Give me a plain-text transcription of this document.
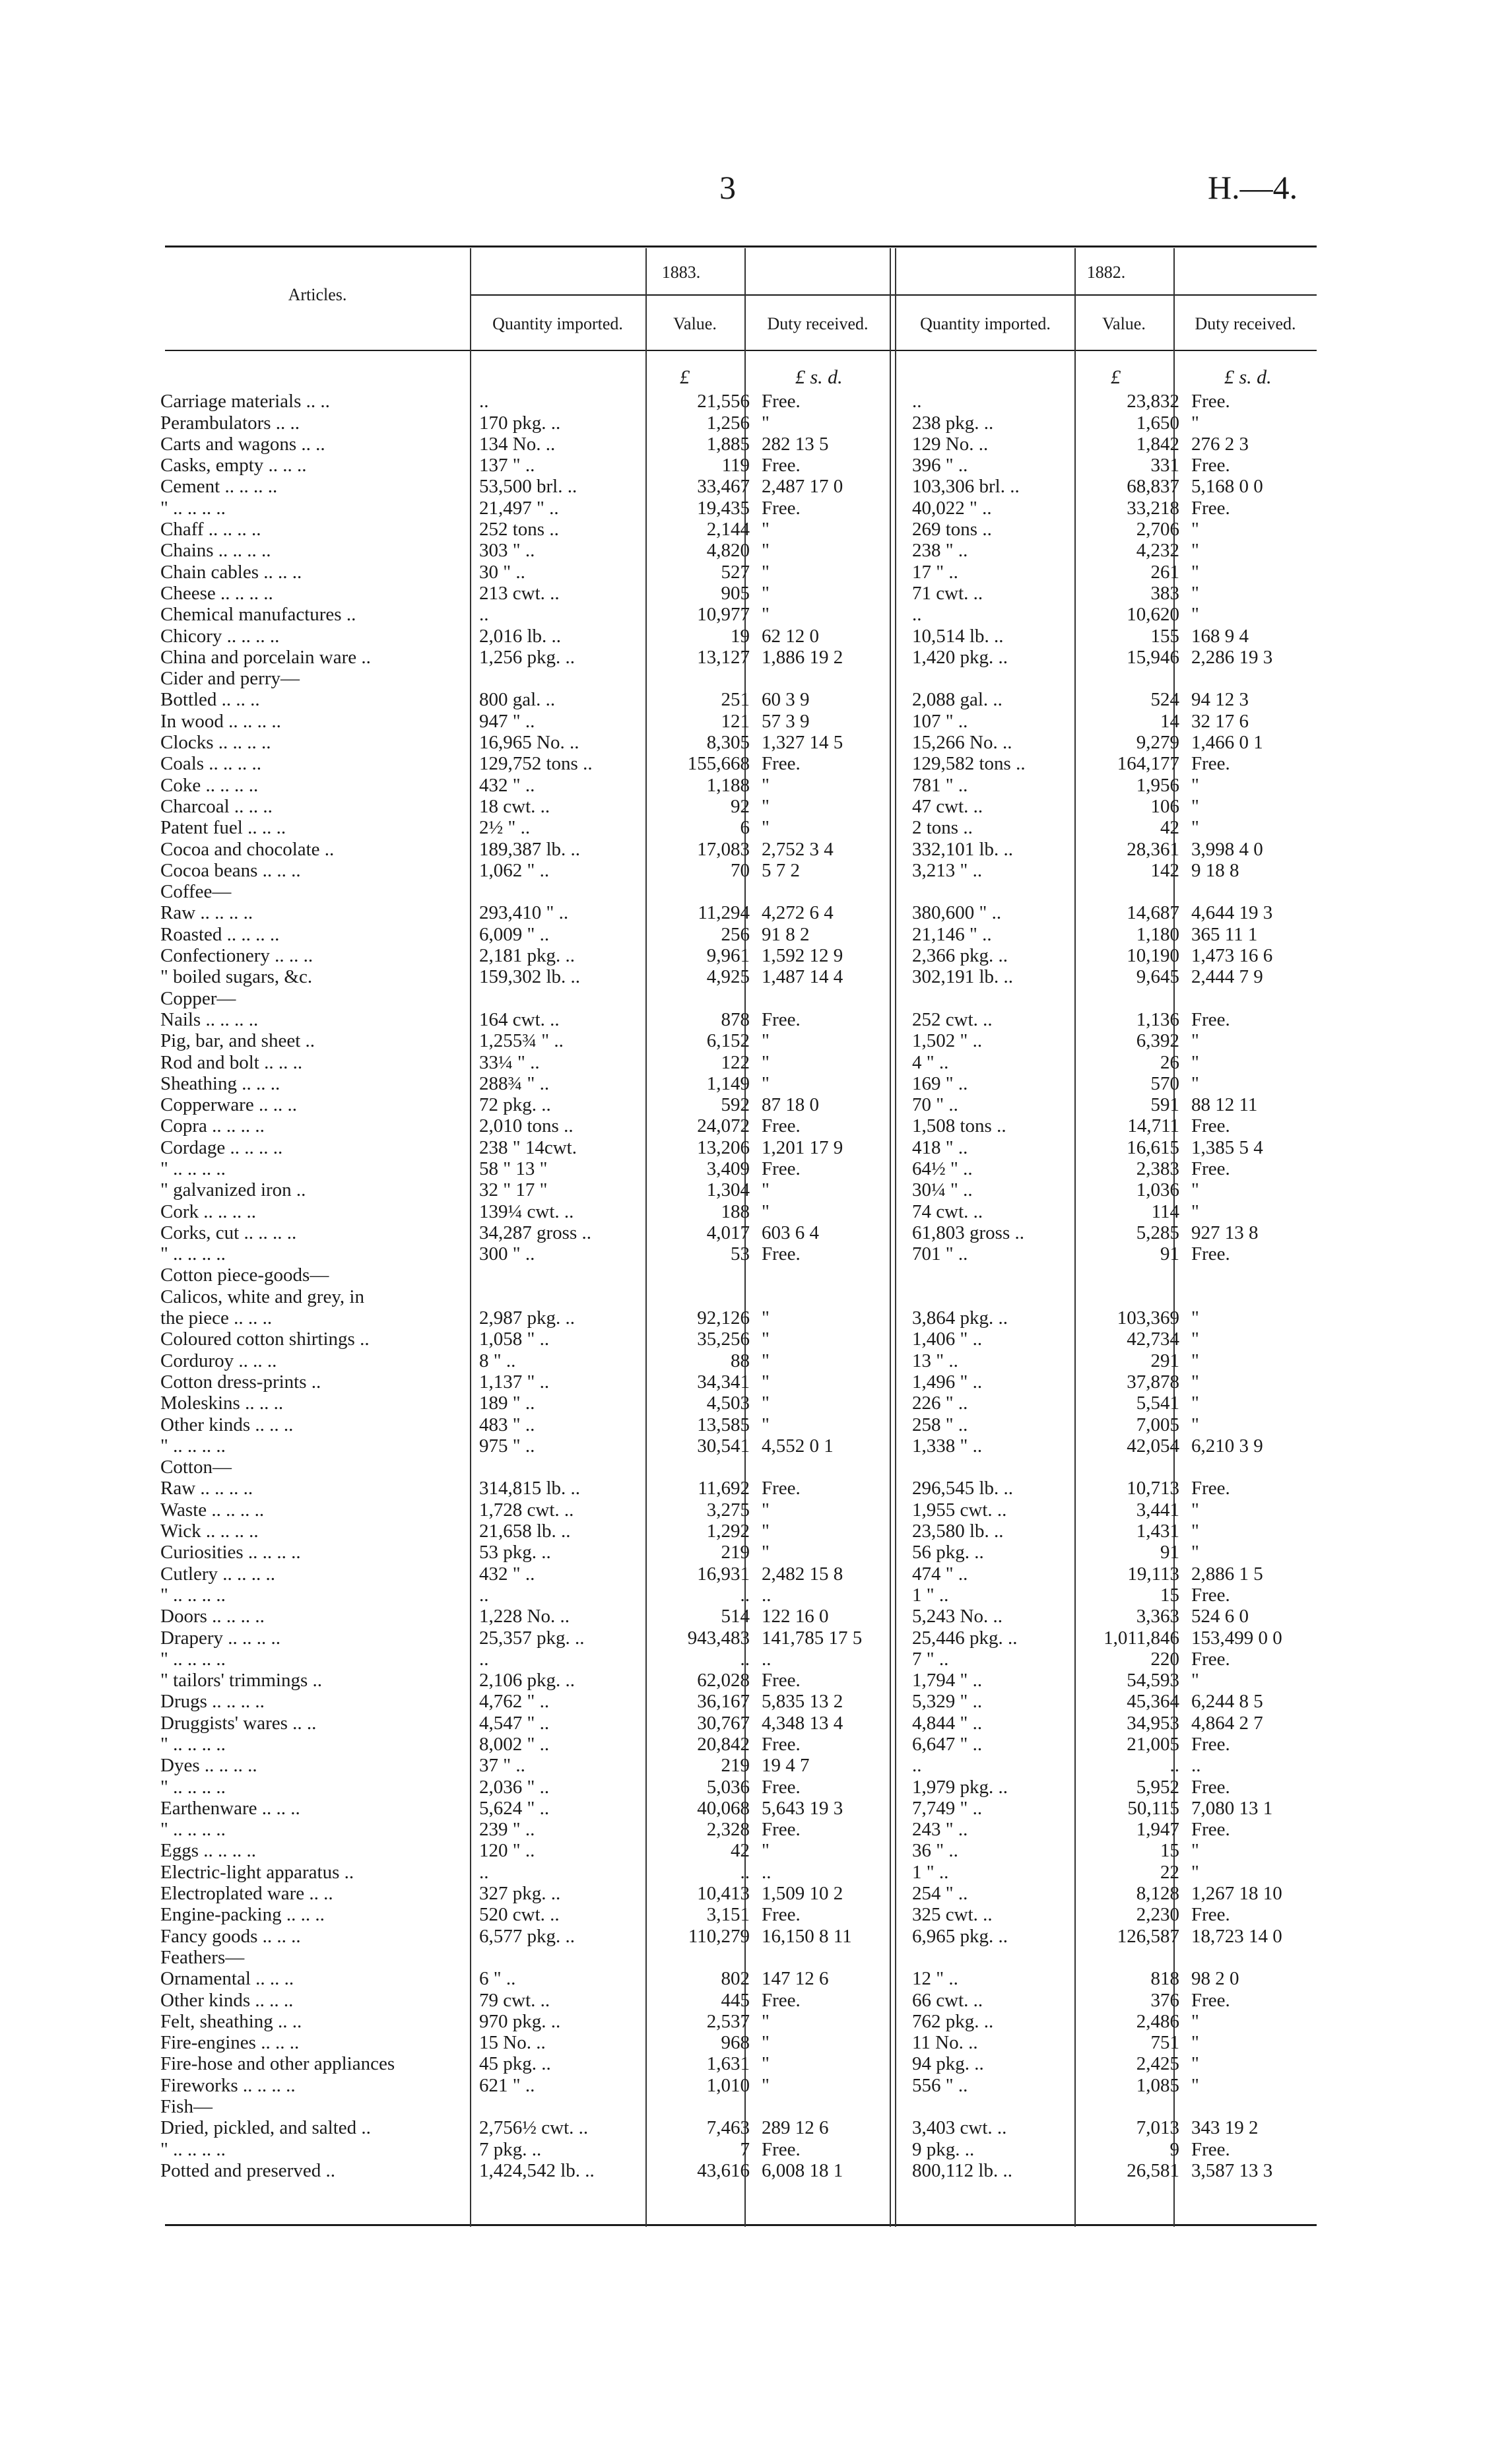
3	H.—4.
Articles.
1883.	1882.
Quantity imported.	Value.	Duty received.	Quantity imported.	Value.	Duty received.
£	£ s. d.	£	£ s. d.
Carriage materials .. ..	..	21,556	Free.	..	23,832	Free.
Perambulators .. ..	170 pkg. ..	1,256	"	238 pkg. ..	1,650	"
Carts and wagons .. ..	134 No. ..	1,885	282 13 5	129 No. ..	1,842	276 2 3
Casks, empty .. .. ..	137 " ..	119	Free.	396 " ..	331	Free.
Cement .. .. .. ..	53,500 brl. ..	33,467	2,487 17 0	103,306 brl. ..	68,837	5,168 0 0
" .. .. .. ..	21,497 " ..	19,435	Free.	40,022 " ..	33,218	Free.
Chaff .. .. .. ..	252 tons ..	2,144	"	269 tons ..	2,706	"
Chains .. .. .. ..	303 " ..	4,820	"	238 " ..	4,232	"
Chain cables .. .. ..	30 " ..	527	"	17 " ..	261	"
Cheese .. .. .. ..	213 cwt. ..	905	"	71 cwt. ..	383	"
Chemical manufactures ..	..	10,977	"	..	10,620	"
Chicory .. .. .. ..	2,016 lb. ..	19	62 12 0	10,514 lb. ..	155	168 9 4
China and porcelain ware ..	1,256 pkg. ..	13,127	1,886 19 2	1,420 pkg. ..	15,946	2,286 19 3
Cider and perry—						
Bottled .. .. ..	800 gal. ..	251	60 3 9	2,088 gal. ..	524	94 12 3
In wood .. .. .. ..	947 " ..	121	57 3 9	107 " ..	14	32 17 6
Clocks .. .. .. ..	16,965 No. ..	8,305	1,327 14 5	15,266 No. ..	9,279	1,466 0 1
Coals .. .. .. ..	129,752 tons ..	155,668	Free.	129,582 tons ..	164,177	Free.
Coke .. .. .. ..	432 " ..	1,188	"	781 " ..	1,956	"
Charcoal .. .. ..	18 cwt. ..	92	"	47 cwt. ..	106	"
Patent fuel .. .. ..	2½ " ..	6	"	2 tons ..	42	"
Cocoa and chocolate ..	189,387 lb. ..	17,083	2,752 3 4	332,101 lb. ..	28,361	3,998 4 0
Cocoa beans .. .. ..	1,062 " ..	70	5 7 2	3,213 " ..	142	9 18 8
Coffee—						
Raw .. .. .. ..	293,410 " ..	11,294	4,272 6 4	380,600 " ..	14,687	4,644 19 3
Roasted .. .. .. ..	6,009 " ..	256	91 8 2	21,146 " ..	1,180	365 11 1
Confectionery .. .. ..	2,181 pkg. ..	9,961	1,592 12 9	2,366 pkg. ..	10,190	1,473 16 6
" boiled sugars, &c.	159,302 lb. ..	4,925	1,487 14 4	302,191 lb. ..	9,645	2,444 7 9
Copper—						
Nails .. .. .. ..	164 cwt. ..	878	Free.	252 cwt. ..	1,136	Free.
Pig, bar, and sheet ..	1,255¾ " ..	6,152	"	1,502 " ..	6,392	"
Rod and bolt .. .. ..	33¼ " ..	122	"	4 " ..	26	"
Sheathing .. .. ..	288¾ " ..	1,149	"	169 " ..	570	"
Copperware .. .. ..	72 pkg. ..	592	87 18 0	70 " ..	591	88 12 11
Copra .. .. .. ..	2,010 tons ..	24,072	Free.	1,508 tons ..	14,711	Free.
Cordage .. .. .. ..	238 " 14cwt.	13,206	1,201 17 9	418 " ..	16,615	1,385 5 4
" .. .. .. ..	58 " 13 "	3,409	Free.	64½ " ..	2,383	Free.
" galvanized iron ..	32 " 17 "	1,304	"	30¼ " ..	1,036	"
Cork .. .. .. ..	139¼ cwt. ..	188	"	74 cwt. ..	114	"
Corks, cut .. .. .. ..	34,287 gross ..	4,017	603 6 4	61,803 gross ..	5,285	927 13 8
" .. .. .. ..	300 " ..	53	Free.	701 " ..	91	Free.
Cotton piece-goods—						
Calicos, white and grey, in						
the piece .. .. ..	2,987 pkg. ..	92,126	"	3,864 pkg. ..	103,369	"
Coloured cotton shirtings ..	1,058 " ..	35,256	"	1,406 " ..	42,734	"
Corduroy .. .. ..	8 " ..	88	"	13 " ..	291	"
Cotton dress-prints ..	1,137 " ..	34,341	"	1,496 " ..	37,878	"
Moleskins .. .. ..	189 " ..	4,503	"	226 " ..	5,541	"
Other kinds .. .. ..	483 " ..	13,585	"	258 " ..	7,005	"
" .. .. .. ..	975 " ..	30,541	4,552 0 1	1,338 " ..	42,054	6,210 3 9
Cotton—						
Raw .. .. .. ..	314,815 lb. ..	11,692	Free.	296,545 lb. ..	10,713	Free.
Waste .. .. .. ..	1,728 cwt. ..	3,275	"	1,955 cwt. ..	3,441	"
Wick .. .. .. ..	21,658 lb. ..	1,292	"	23,580 lb. ..	1,431	"
Curiosities .. .. .. ..	53 pkg. ..	219	"	56 pkg. ..	91	"
Cutlery .. .. .. ..	432 " ..	16,931	2,482 15 8	474 " ..	19,113	2,886 1 5
" .. .. .. ..	..	..	..	1 " ..	15	Free.
Doors .. .. .. ..	1,228 No. ..	514	122 16 0	5,243 No. ..	3,363	524 6 0
Drapery .. .. .. ..	25,357 pkg. ..	943,483	141,785 17 5	25,446 pkg. ..	1,011,846	153,499 0 0
" .. .. .. ..	..	..	..	7 " ..	220	Free.
" tailors' trimmings ..	2,106 pkg. ..	62,028	Free.	1,794 " ..	54,593	"
Drugs .. .. .. ..	4,762 " ..	36,167	5,835 13 2	5,329 " ..	45,364	6,244 8 5
Druggists' wares .. ..	4,547 " ..	30,767	4,348 13 4	4,844 " ..	34,953	4,864 2 7
" .. .. .. ..	8,002 " ..	20,842	Free.	6,647 " ..	21,005	Free.
Dyes .. .. .. ..	37 " ..	219	19 4 7	..	..	..
" .. .. .. ..	2,036 " ..	5,036	Free.	1,979 pkg. ..	5,952	Free.
Earthenware .. .. ..	5,624 " ..	40,068	5,643 19 3	7,749 " ..	50,115	7,080 13 1
" .. .. .. ..	239 " ..	2,328	Free.	243 " ..	1,947	Free.
Eggs .. .. .. ..	120 " ..	42	"	36 " ..	15	"
Electric-light apparatus ..	..	..	..	1 " ..	22	"
Electroplated ware .. ..	327 pkg. ..	10,413	1,509 10 2	254 " ..	8,128	1,267 18 10
Engine-packing .. .. ..	520 cwt. ..	3,151	Free.	325 cwt. ..	2,230	Free.
Fancy goods .. .. ..	6,577 pkg. ..	110,279	16,150 8 11	6,965 pkg. ..	126,587	18,723 14 0
Feathers—						
Ornamental .. .. ..	6 " ..	802	147 12 6	12 " ..	818	98 2 0
Other kinds .. .. ..	79 cwt. ..	445	Free.	66 cwt. ..	376	Free.
Felt, sheathing .. ..	970 pkg. ..	2,537	"	762 pkg. ..	2,486	"
Fire-engines .. .. ..	15 No. ..	968	"	11 No. ..	751	"
Fire-hose and other appliances	45 pkg. ..	1,631	"	94 pkg. ..	2,425	"
Fireworks .. .. .. ..	621 " ..	1,010	"	556 " ..	1,085	"
Fish—						
Dried, pickled, and salted ..	2,756½ cwt. ..	7,463	289 12 6	3,403 cwt. ..	7,013	343 19 2
" .. .. .. ..	7 pkg. ..	7	Free.	9 pkg. ..	9	Free.
Potted and preserved ..	1,424,542 lb. ..	43,616	6,008 18 1	800,112 lb. ..	26,581	3,587 13 3
